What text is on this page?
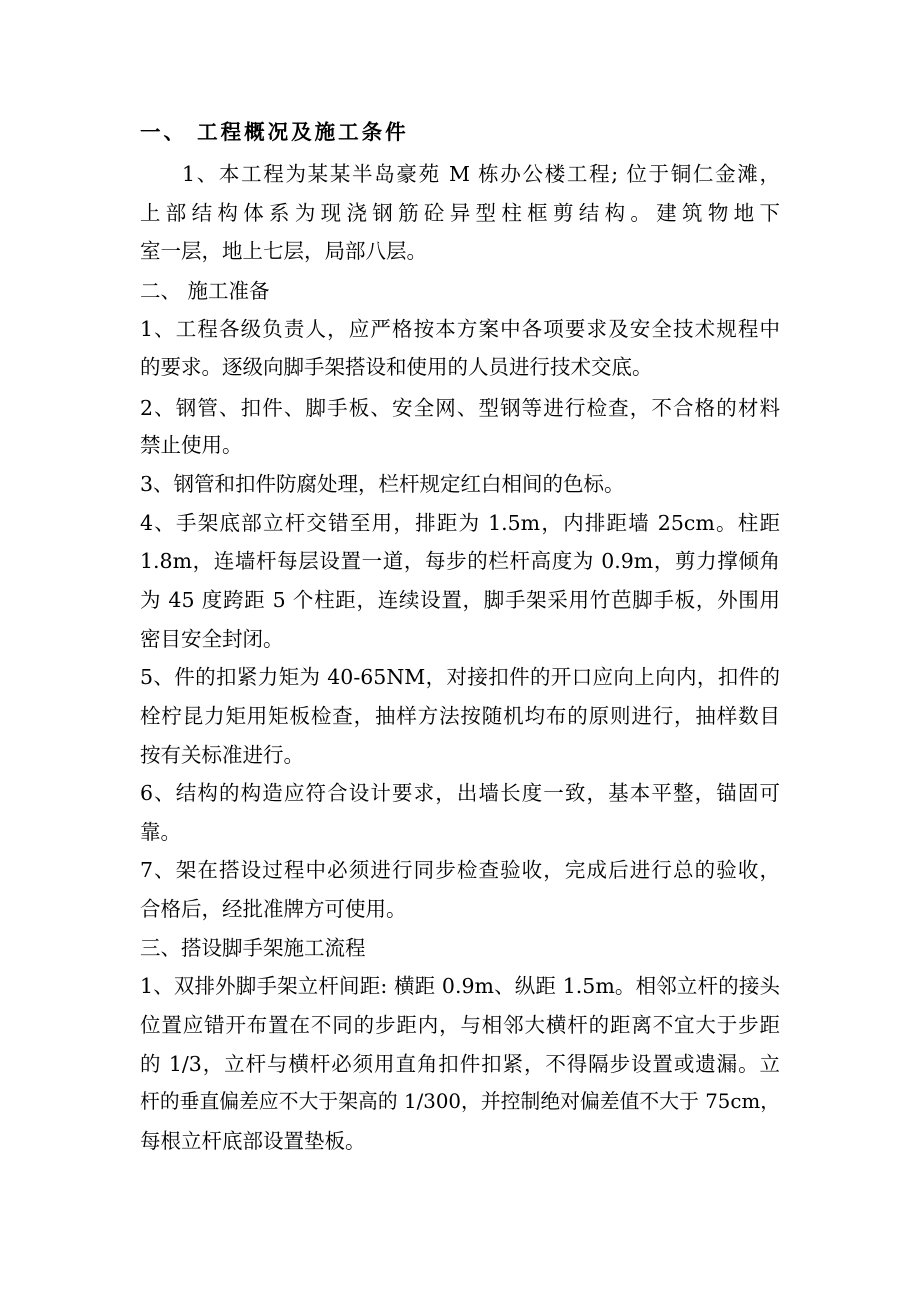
一、 工程概况及施工条件

1、本工程为某某半岛豪苑 M 栋办公楼工程; 位于铜仁金滩，

上部结构体系为现浇钢筋砼异型柱框剪结构。建筑物地下

室一层，地上七层，局部八层。

二、 施工准备

1、工程各级负责人，应严格按本方案中各项要求及安全技术规程中

的要求。逐级向脚手架搭设和使用的人员进行技术交底。

2、钢管、扣件、脚手板、安全网、型钢等进行检查，不合格的材料

禁止使用。

3、钢管和扣件防腐处理，栏杆规定红白相间的色标。

4、手架底部立杆交错至用，排距为 1.5m，内排距墙 25cm。柱距

1.8m，连墙杆每层设置一道，每步的栏杆高度为 0.9m，剪力撑倾角

为 45 度跨距 5 个柱距，连续设置，脚手架采用竹芭脚手板，外围用

密目安全封闭。

5、件的扣紧力矩为 40-65NM，对接扣件的开口应向上向内，扣件的

栓柠昆力矩用矩板检查，抽样方法按随机均布的原则进行，抽样数目

按有关标准进行。

6、结构的构造应符合设计要求，出墙长度一致，基本平整，锚固可

靠。

7、架在搭设过程中必须进行同步检查验收，完成后进行总的验收，

合格后，经批准牌方可使用。

三、搭设脚手架施工流程

1、双排外脚手架立杆间距: 横距 0.9m、纵距 1.5m。相邻立杆的接头

位置应错开布置在不同的步距内，与相邻大横杆的距离不宜大于步距

的 1/3，立杆与横杆必须用直角扣件扣紧，不得隔步设置或遗漏。立

杆的垂直偏差应不大于架高的 1/300，并控制绝对偏差值不大于 75cm，

每根立杆底部设置垫板。
